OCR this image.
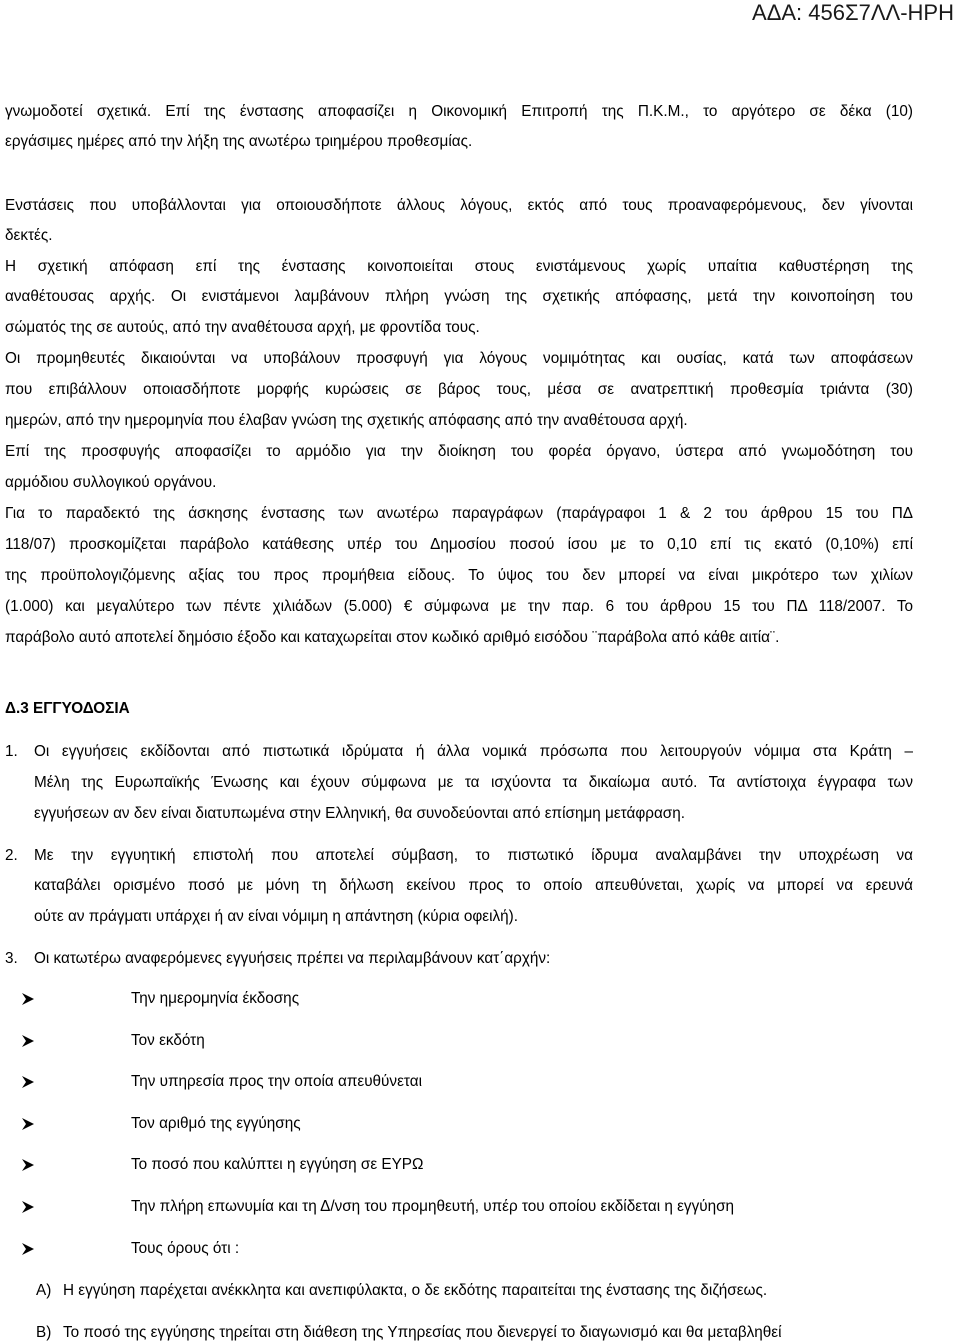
ΑΔΑ: 456Σ7ΛΛ-ΗΡΗ
γνωμοδοτεί σχετικά. Επί της ένστασης αποφασίζει η Οικονομική Επιτροπή της Π.Κ.Μ., το αργότερο σε δέκα (10)
εργάσιμες ημέρες από την λήξη της ανωτέρω τριημέρου προθεσμίας.
Ενστάσεις που υποβάλλονται για οποιουσδήποτε άλλους λόγους, εκτός από τους προαναφερόμενους, δεν γίνονται
δεκτές.
Η σχετική απόφαση επί της ένστασης κοινοποιείται στους ενιστάμενους χωρίς υπαίτια καθυστέρηση της
αναθέτουσας αρχής. Οι ενιστάμενοι λαμβάνουν πλήρη γνώση της σχετικής απόφασης, μετά την κοινοποίηση του
σώματός της σε αυτούς, από την αναθέτουσα αρχή, με φροντίδα τους.
Οι προμηθευτές δικαιούνται να υποβάλουν προσφυγή για λόγους νομιμότητας και ουσίας, κατά των αποφάσεων
που επιβάλλουν οποιασδήποτε μορφής κυρώσεις σε βάρος τους, μέσα σε ανατρεπτική προθεσμία τριάντα (30)
ημερών, από την ημερομηνία που έλαβαν γνώση της σχετικής απόφασης από την αναθέτουσα αρχή.
Επί της προσφυγής αποφασίζει το αρμόδιο για την διοίκηση του φορέα όργανο, ύστερα από γνωμοδότηση του
αρμόδιου συλλογικού οργάνου.
Για το παραδεκτό της άσκησης ένστασης των ανωτέρω παραγράφων (παράγραφοι 1 & 2 του άρθρου 15 του ΠΔ
118/07) προσκομίζεται παράβολο κατάθεσης υπέρ του Δημοσίου ποσού ίσου με το 0,10 επί τις εκατό (0,10%) επί
της προϋπολογιζόμενης αξίας του προς προμήθεια είδους. Το ύψος του δεν μπορεί να είναι μικρότερο των χιλίων
(1.000) και μεγαλύτερο των πέντε χιλιάδων (5.000) € σύμφωνα με την παρ. 6 του άρθρου 15 του ΠΔ 118/2007. Το
παράβολο αυτό αποτελεί δημόσιο έξοδο και καταχωρείται στον κωδικό αριθμό εισόδου ¨παράβολα από κάθε αιτία¨.
Δ.3 ΕΓΓΥΟΔΟΣΙΑ
1. Οι εγγυήσεις εκδίδονται από πιστωτικά ιδρύματα ή άλλα νομικά πρόσωπα που λειτουργούν νόμιμα στα Κράτη –
Μέλη της Ευρωπαϊκής Ένωσης και έχουν σύμφωνα με τα ισχύοντα τα δικαίωμα αυτό. Τα αντίστοιχα έγγραφα των
εγγυήσεων αν δεν είναι διατυπωμένα στην Ελληνική, θα συνοδεύονται από επίσημη μετάφραση.
2. Με την εγγυητική επιστολή που αποτελεί σύμβαση, το πιστωτικό ίδρυμα αναλαμβάνει την υποχρέωση να
καταβάλει ορισμένο ποσό με μόνη τη δήλωση εκείνου προς το οποίο απευθύνεται, χωρίς να μπορεί να ερευνά
ούτε αν πράγματι υπάρχει ή αν είναι νόμιμη η απάντηση (κύρια οφειλή).
3. Οι κατωτέρω αναφερόμενες εγγυήσεις πρέπει να περιλαμβάνουν κατ΄αρχήν:
Την ημερομηνία έκδοσης
Τον εκδότη
Την υπηρεσία προς την οποία απευθύνεται
Τον αριθμό της εγγύησης
Το ποσό που καλύπτει η εγγύηση σε ΕΥΡΩ
Την πλήρη επωνυμία και τη Δ/νση του προμηθευτή, υπέρ του οποίου εκδίδεται η εγγύηση
Τους όρους ότι :
Α) Η εγγύηση παρέχεται ανέκκλητα και ανεπιφύλακτα, ο δε εκδότης παραιτείται της ένστασης της διζήσεως.
Β) Το ποσό της εγγύησης τηρείται στη διάθεση της Υπηρεσίας που διενεργεί το διαγωνισμό και θα μεταβληθεί
